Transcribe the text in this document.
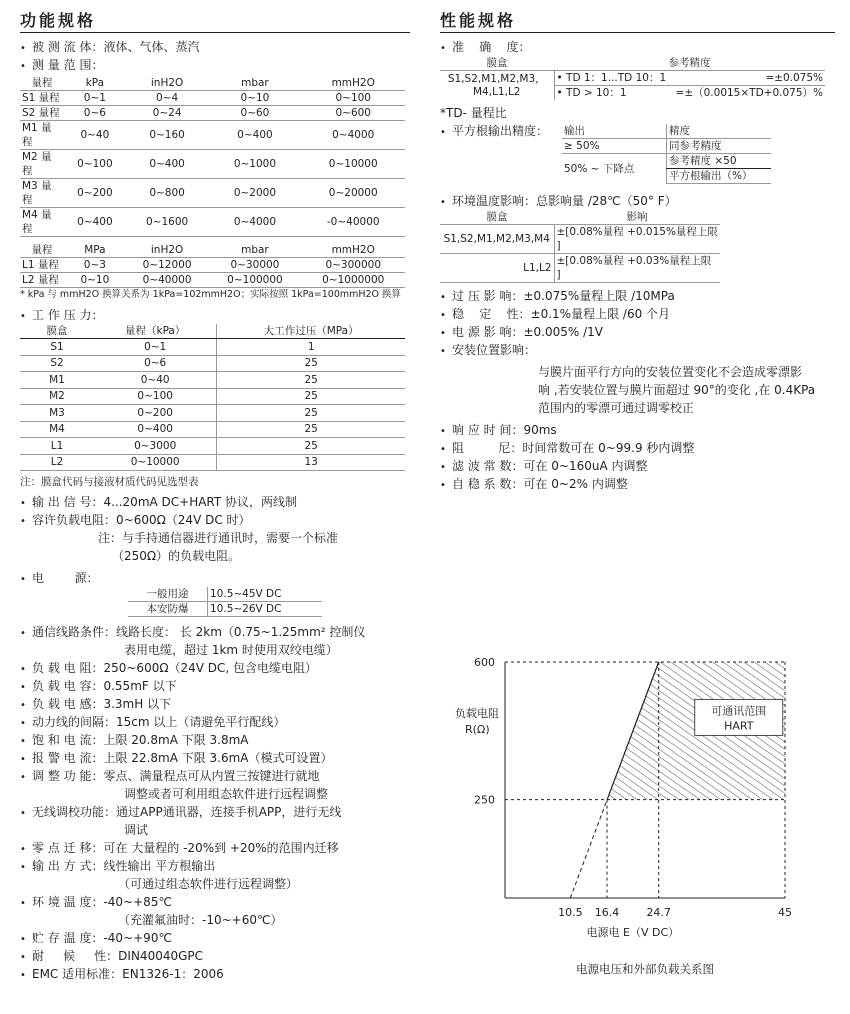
功能规格
• 被 测 流 体：液体、气体、蒸汽
• 测 量 范 围：
量程	kPa	inH2O	mbar	mmH2O
S1 量程	0~1	0~4	0~10	0~100
S2 量程	0~6	0~24	0~60	0~600
M1 量程	0~40	0~160	0~400	0~4000
M2 量程	0~100	0~400	0~1000	0~10000
M3 量程	0~200	0~800	0~2000	0~20000
M4 量程	0~400	0~1600	0~4000	-0~40000

量程	MPa	inH2O	mbar	mmH2O
L1 量程	0~3	0~12000	0~30000	0~300000
L2 量程	0~10	0~40000	0~100000	0~1000000
* kPa 与 mmH2O 换算关系为 1kPa=102mmH2O；实际按照 1kPa=100mmH2O 换算
• 工 作 压 力：
膜盒	量程（kPa）	大工作过压（MPa）
S1	0~1	1
S2	0~6	25
M1	0~40	25
M2	0~100	25
M3	0~200	25
M4	0~400	25
L1	0~3000	25
L2	0~10000	13
注：膜盒代码与接液材质代码见选型表
• 输 出 信 号：4...20mA DC+HART 协议，两线制
• 容许负载电阻：0~600Ω（24V DC 时）
注：与手持通信器进行通讯时，需要一个标准
（250Ω）的负载电阻。
• 电        源：
一般用途	10.5~45V DC
本安防爆	10.5~26V DC
• 通信线路条件：线路长度： 长 2km（0.75~1.25mm² 控制仪
表用电缆，超过 1km 时使用双绞电缆）
• 负 载 电 阻：250~600Ω（24V DC, 包含电缆电阻）
• 负 载 电 容：0.55mF 以下
• 负 载 电 感：3.3mH 以下
• 动力线的间隔：15cm 以上（请避免平行配线）
• 饱 和 电 流：上限 20.8mA 下限 3.8mA
• 报 警 电 流：上限 22.8mA 下限 3.6mA（模式可设置）
• 调 整 功 能：零点、满量程点可从内置三按键进行就地
调整或者可利用组态软件进行远程调整
• 无线调校功能：通过APP通讯器，连接手机APP，进行无线
调试
• 零 点 迁 移：可在 大量程的 -20%到 +20%的范围内迁移
• 输 出 方 式：线性输出 平方根输出
（可通过组态软件进行远程调整）
• 环 境 温 度：-40~+85℃
（充灌氟油时：-10~+60℃）
• 贮 存 温 度：-40~+90℃
• 耐     候     性：DIN40040GPC
• EMC 适用标准：EN1326-1：2006
性能规格
• 准    确    度：
膜盒	参考精度	
S1,S2,M1,M2,M3，M4,L1,L2	• TD 1：1...TD 10：1	=±0.075%
	• TD > 10：1	=±（0.0015×TD+0.075）%
*TD- 量程比
• 平方根输出精度： 输出	精度
≥ 50%	同参考精度
50% ~ 下降点	参考精度 ×50
	平方根输出（%）
• 环境温度影响：总影响量 /28℃（50° F）
膜盒	影响
S1,S2,M1,M2,M3,M4	±[0.08%量程 +0.015%量程上限 ]
L1,L2	±[0.08%量程 +0.03%量程上限 ]
• 过 压 影 响：±0.075%量程上限 /10MPa
• 稳    定    性：±0.1%量程上限 /60 个月
• 电 源 影 响：±0.005% /1V
• 安装位置影响：
与膜片面平行方向的安装位置变化不会造成零漂影
响 ,若安装位置与膜片面超过 90°的变化 ,在 0.4KPa
范围内的零漂可通过调零校正
• 响 应 时 间：90ms
• 阻         尼：时间常数可在 0~99.9 秒内调整
• 滤 波 常 数：可在 0~160uA 内调整
• 自 稳 系 数：可在 0~2% 内调整
600
250
10.5 16.4 24.7	45
负载电阻
R(Ω)
电源电 E（V DC）
可通讯范围
HART
电源电压和外部负载关系图
